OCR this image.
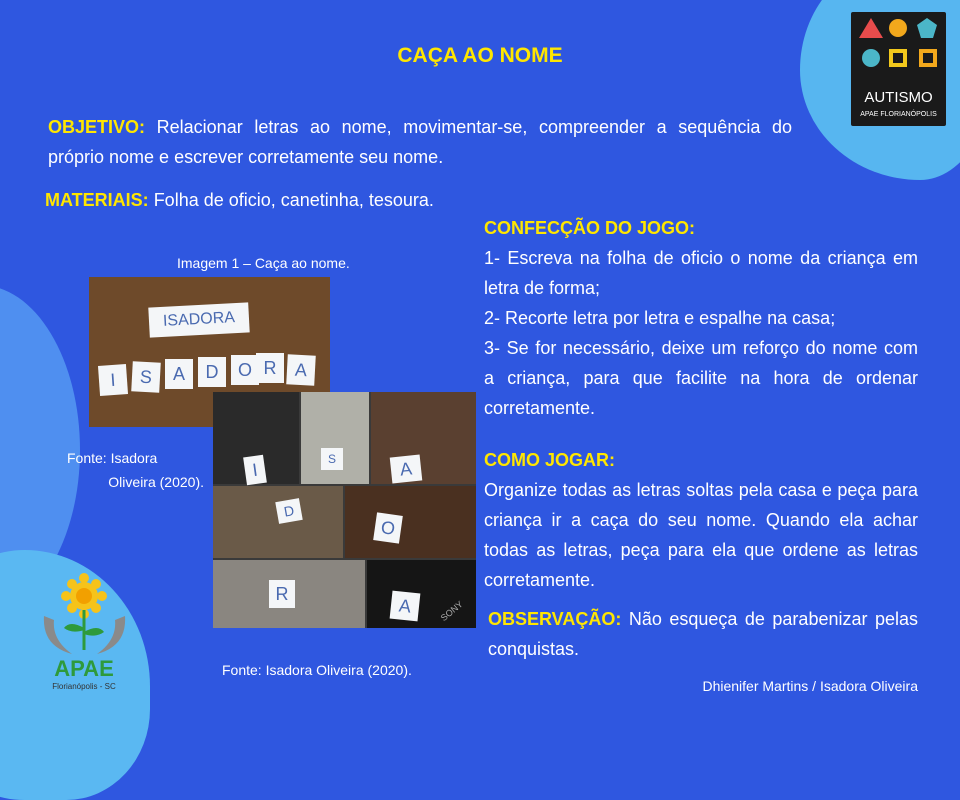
AUTISMO
APAE FLORIANÓPOLIS
CAÇA AO NOME
OBJETIVO: Relacionar letras ao nome, movimentar-se, compreender a sequência do próprio nome e escrever corretamente seu nome.
MATERIAIS: Folha de oficio, canetinha, tesoura.
Imagem 1 – Caça ao nome.
ISADORA
I	S	A	D	O R A
I
S	A
D
O
R
A	SONY
Fonte: Isadora
Oliveira (2020).
Fonte: Isadora Oliveira (2020).
CONFECÇÃO DO JOGO:
1- Escreva na folha de oficio o nome da criança em letra de forma;
2- Recorte letra por letra e espalhe na casa;
3- Se for necessário, deixe um reforço do nome com a criança, para que facilite na hora de ordenar corretamente.
COMO JOGAR:
Organize todas as letras soltas pela casa e peça para criança ir a caça do seu nome. Quando ela achar todas as letras, peça para ela que ordene as letras corretamente.
OBSERVAÇÃO: Não esqueça de parabenizar pelas conquistas.
Dhienifer Martins / Isadora Oliveira
APAE
Florianópolis - SC
